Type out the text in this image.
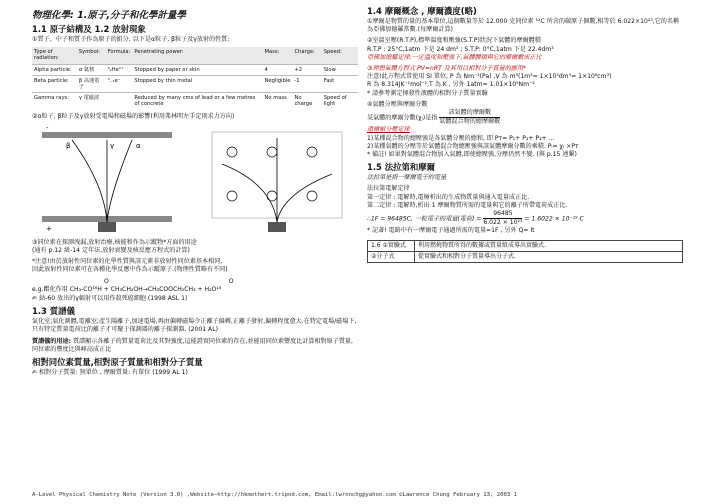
物理化學: 1.原子,分子和化學計量學
1.1 原子結構及 1.2 放射現象

①質子、中子和質子作為原子的組分, 以下是α粒子, β粒子及γ放射的性質:

Type of radiation:	Symbol:	Formula:	Penetrating power:	Mass:	Charge:	Speed:
Alpha particle:	α 氦核	⁴₂He²⁺	Stopped by paper or skin	4	+2	Slow
Beta particle:	β 高速電子	⁰₋₁e⁻	Stopped by thin metal	Negligible	-1	Fast
Gamma rays:	γ 電磁波		Reduced by many cms of lead or a few metres of concrete	No mass	No charge	Speed of light

②α粒子, β粒子及γ放射受電場和磁場的影響(利用弗林明左手定則求力方向)

β	γ	α
-
+

③同位素在探測洩漏,放射治療,核能和作為示蹤物*方面的用途
(通有 p.12 級-14 定年法,放射衰變及核反應方程式的計算)

*注意!由於放射性同位素的化學性質與該元素非放射性同位素基本相同,
因此放射性同位素可在各種化學反應中作為示蹤原子.(物理性質略有不同)

O	O
e.g.酯化作用 CH₃-CO¹⁸H + CH₃CH₂OH→CH₃COOCH₂CH₃ + H₂O¹⁸

✍ 鈷-60 放出的γ輻射可以用作殺死癌細胞 (1998 ASL 1)

1.3 質譜儀

氣化室;氣化測體,電離室;產生陽離子,加速電場,再由偏轉磁場令正離子偏轉,正離子發射,偏轉程度愈大.在特定電場/磁場下,只有特定質量電荷比的離子才可聚于探測器的離子探測器. (2001 AL)

質譜儀的用途: 質譜顯示各離子的質量電荷比及其對強度,這能證實同位素的存在,並能用同位素豐度比計算相對原子質量,同位素的豐度比與峰高成正比

相對同位素質量,相對原子質量和相對分子質量

✍ 相對分子質量: 無單位 , 摩爾質量: 有單位 (1999 AL 1)

1.4 摩爾概念 , 摩爾濃度(略)

①摩爾是物質的量的基本單位,這個數量等於 12.000 克同位素 ¹²C 所含的碳原子個數,相等於 6.022×10²³,它的名稱為亞佛加德羅常數.(每摩爾計算)

②室溫室壓(R.T.P),標準溫度和壓強(S.T.P)狀況下氣體的摩爾體積
R.T.P : 25°C,1atm 下是 24 dm³ ; S.T.P: 0°C,1atm 下是 22.4dm³
亞佛加德羅定律:一定溫度和壓強下,氣體體積與它的摩爾數成正比

③理想氣體方程式 PV=nRT 及其用以相對分子質量的應用*
注意!此方程式常使用 SI 單位, P 為 Nm⁻²(Pa) ,V 為 m³(1m³= 1×10³dm³= 1×10⁶cm³)
R 為 8.314JK⁻¹mol⁻¹,T 為 K , 另外 1atm= 1.01×10⁵Nm⁻²
* 請參考測定揮發性液體的相對分子質量實驗

④氣體分壓與摩爾分數
某氣體的摩爾分數(χᵢ)是指 $\frac{\text{該氣體的摩爾數}}{\text{氣體混合物的總摩爾數}}$

道爾頓分壓定律
1)某種混合物的總壓強是各氣體分壓的總和, 即 Pт= P₁+ P₂+ P₃+ ...
2)某種氣體的分壓等於氣體混合物總壓強與該氣體摩爾分數的乘積. Pᵢ= χᵢ ×Pт
* 備註! 如果對氣體混合物加入氣體,即使總壓強,分壓仍然不變. (與 p.15 連繫)

1.5 法拉第和摩爾

法拉第是指一摩爾電子的電量

法拉第電解定律
第一定律 : 電解時,電極析出的生成物質量與通入電量成正比.
第二定律 : 電解時,析出 1 摩爾物質所需的電量與它的離子所帶電荷成正比.
∴1F = 96485C, 一粒電子的電量(電荷) = $\frac{96485}{\text{6.022 × 10²³}} = 1.6022 \times 10^{-19}$ C
* 記著! 電路中有一摩爾電子通過所需的電量=1F , 另外 Q= It

1.6 ①實驗式	利用燃燒物質所得的數據或質量組成導出實驗式.
②分子式	從實驗式和相對分子質量導出分子式.
A-Level Physical Chemistry Note (Version 3.0) ,Website—http://hkmothert.tripod.com, Email:lwrnnchg@yahoo.com ©Lawrence Chung February 13, 2003 1
